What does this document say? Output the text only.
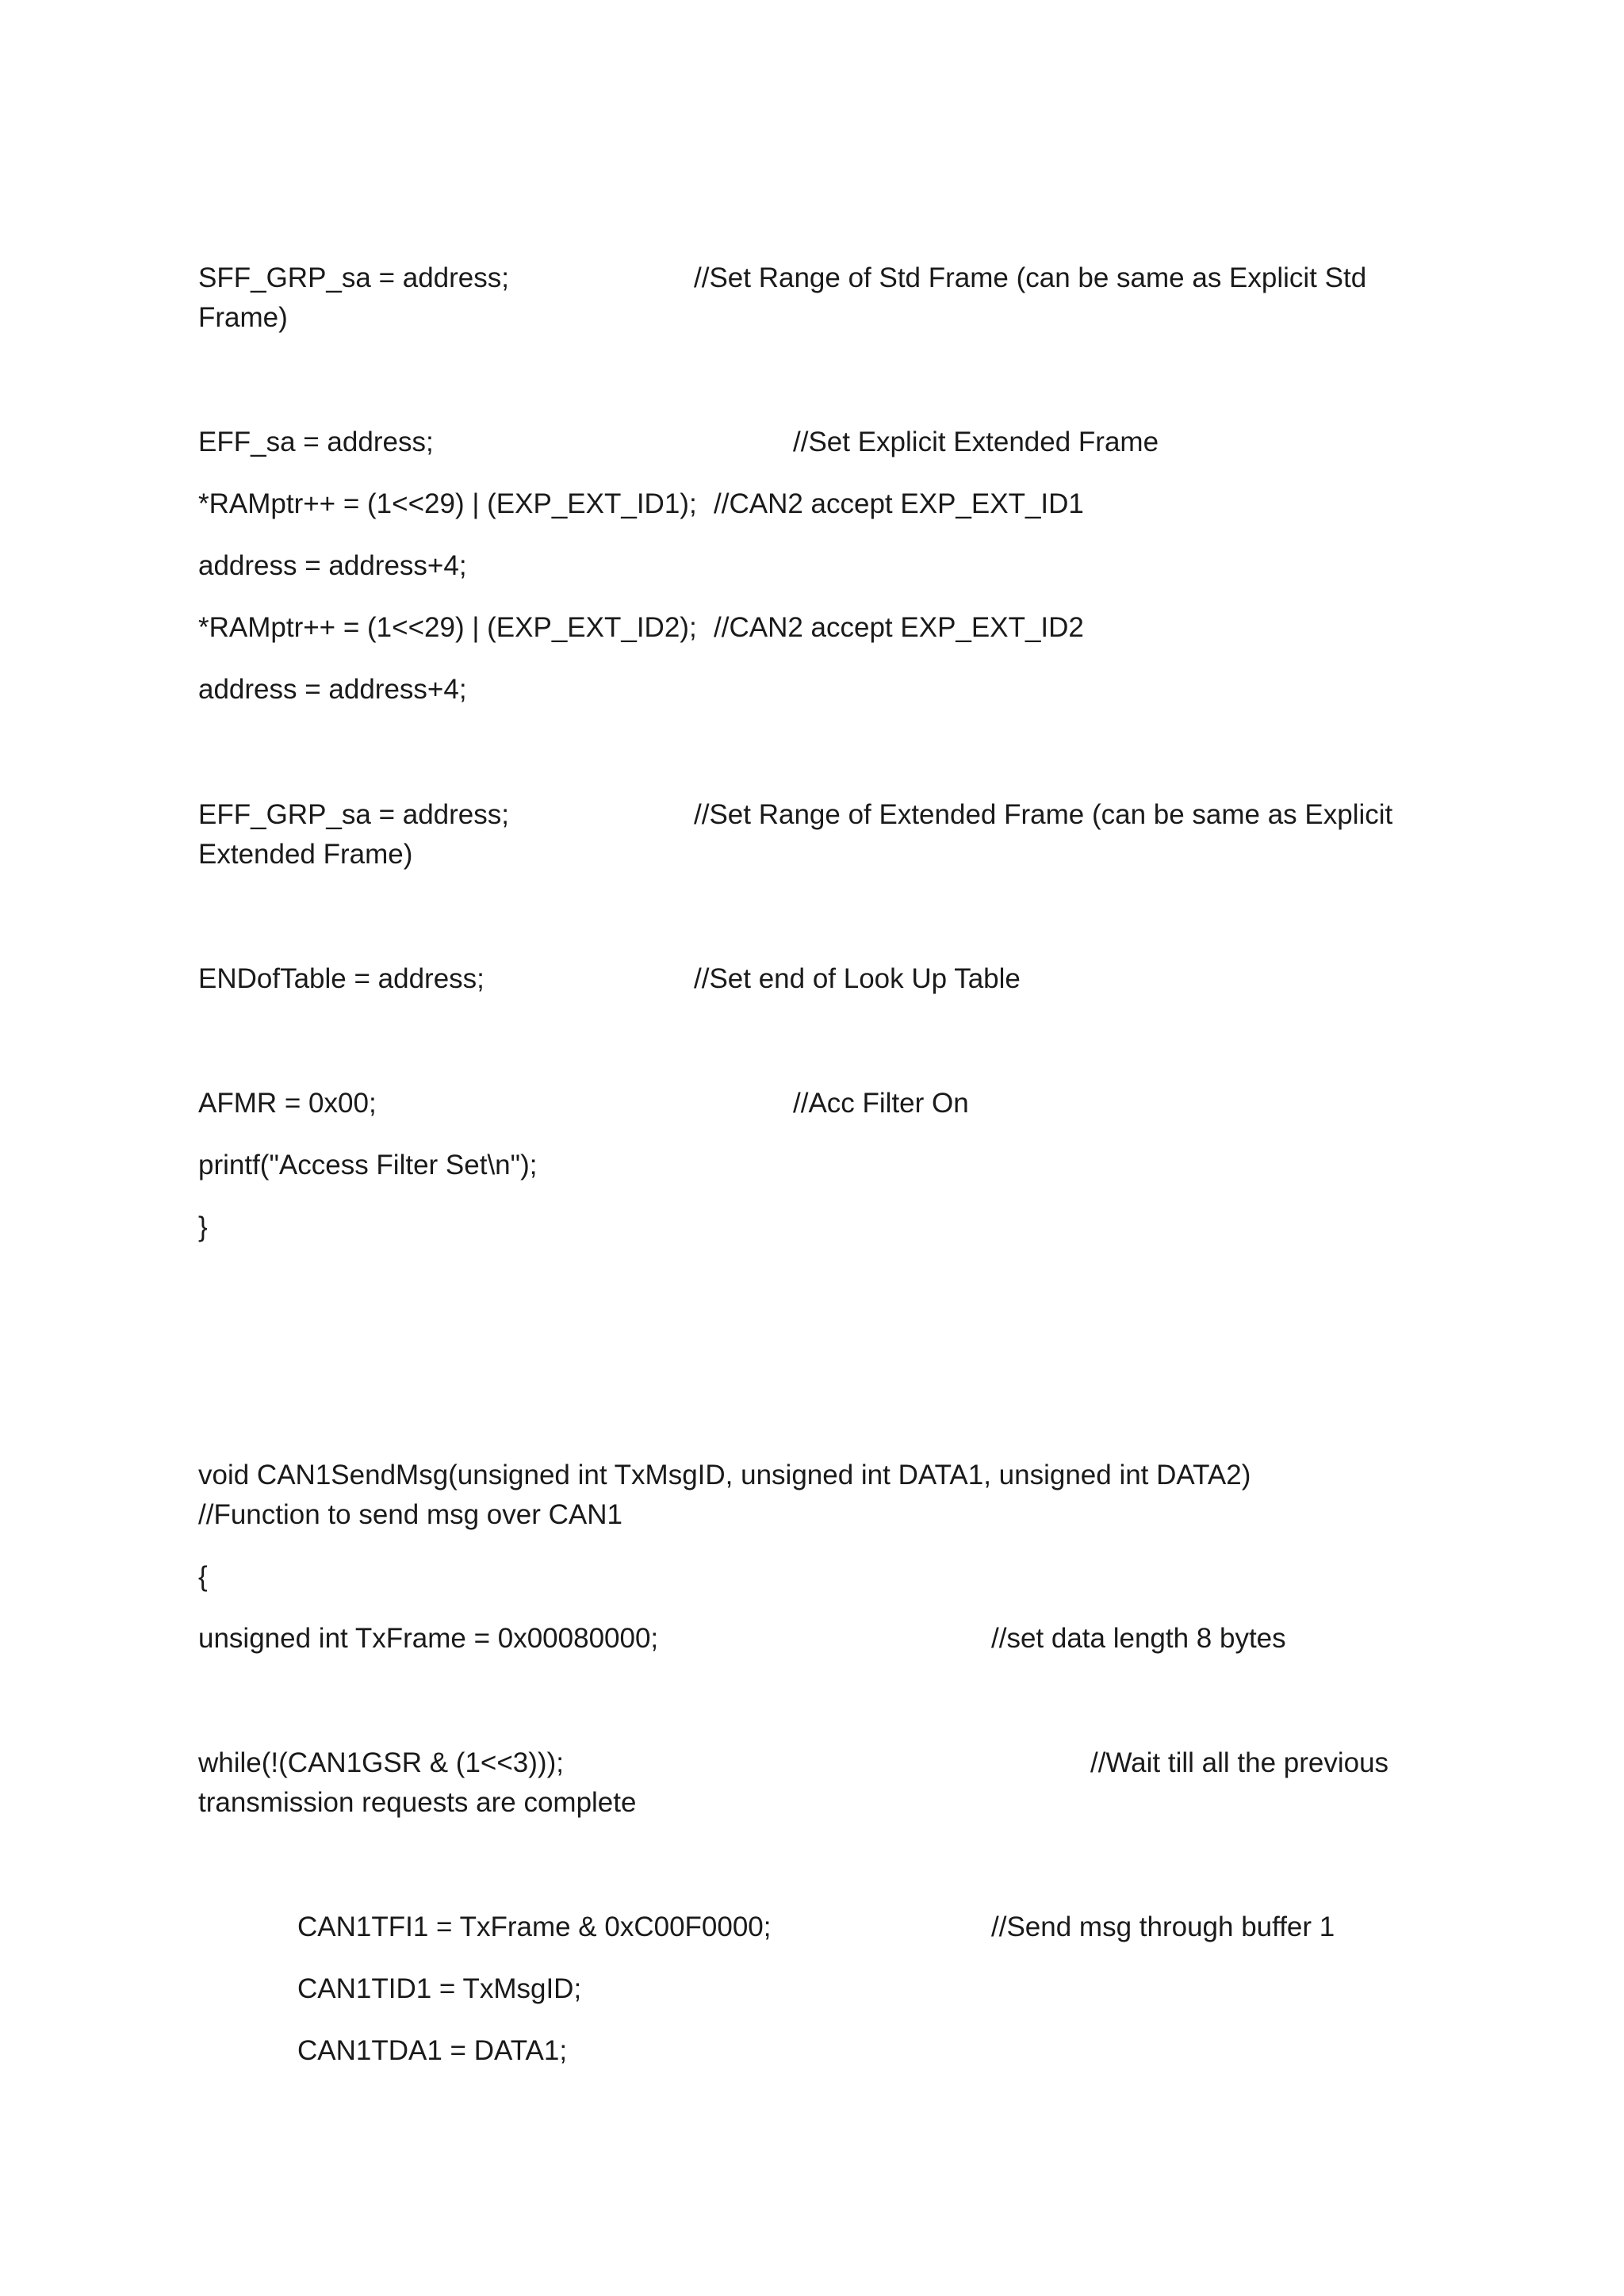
SFF_GRP_sa = address;	//Set Range of Std Frame (can be same as Explicit Std
Frame)
EFF_sa = address;	//Set Explicit Extended Frame
*RAMptr++ = (1<<29) | (EXP_EXT_ID1); //CAN2 accept EXP_EXT_ID1
address = address+4;
*RAMptr++ = (1<<29) | (EXP_EXT_ID2); //CAN2 accept EXP_EXT_ID2
address = address+4;
EFF_GRP_sa = address;	//Set Range of Extended Frame (can be same as Explicit
Extended Frame)
ENDofTable = address;	//Set end of Look Up Table
AFMR = 0x00;	//Acc Filter On
printf("Access Filter Set\n");
}
void CAN1SendMsg(unsigned int TxMsgID, unsigned int DATA1, unsigned int DATA2)
//Function to send msg over CAN1
{
unsigned int TxFrame = 0x00080000;	//set data length 8 bytes
while(!(CAN1GSR & (1<<3)));	//Wait till all the previous
transmission requests are complete
CAN1TFI1 = TxFrame & 0xC00F0000;	//Send msg through buffer 1
CAN1TID1 = TxMsgID;
CAN1TDA1 = DATA1;
